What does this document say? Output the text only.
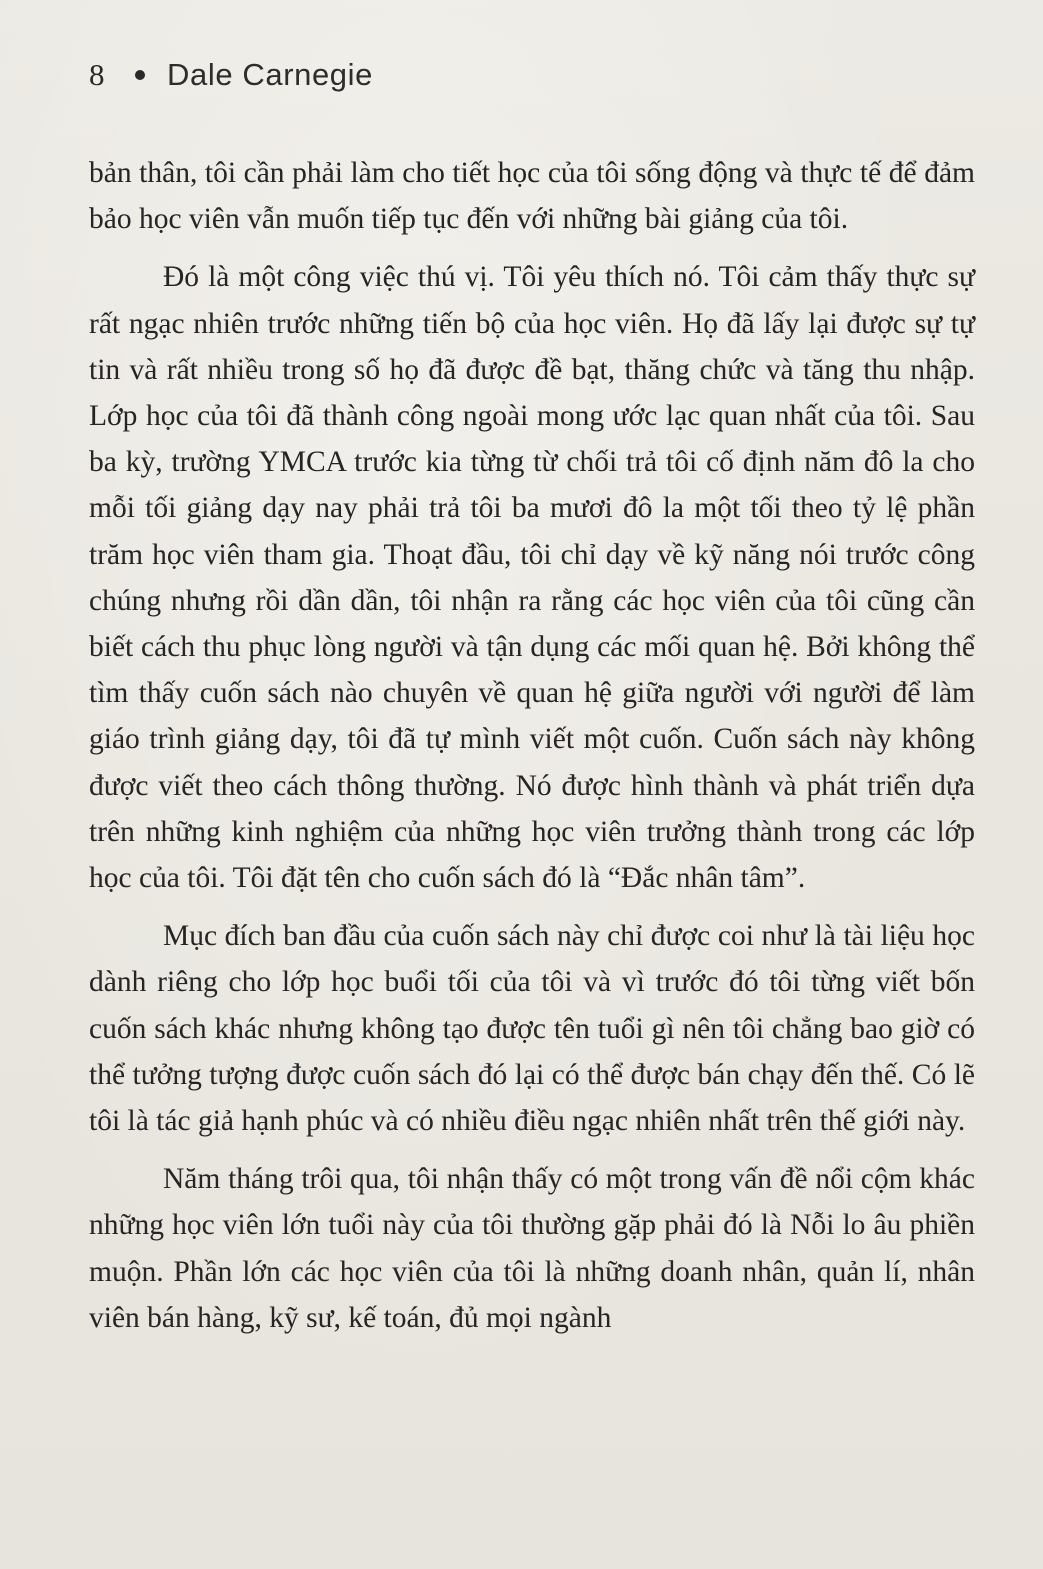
8	Dale Carnegie

bản thân, tôi cần phải làm cho tiết học của tôi sống động và thực tế để đảm bảo học viên vẫn muốn tiếp tục đến với những bài giảng của tôi.

Đó là một công việc thú vị. Tôi yêu thích nó. Tôi cảm thấy thực sự rất ngạc nhiên trước những tiến bộ của học viên. Họ đã lấy lại được sự tự tin và rất nhiều trong số họ đã được đề bạt, thăng chức và tăng thu nhập. Lớp học của tôi đã thành công ngoài mong ước lạc quan nhất của tôi. Sau ba kỳ, trường YMCA trước kia từng từ chối trả tôi cố định năm đô la cho mỗi tối giảng dạy nay phải trả tôi ba mươi đô la một tối theo tỷ lệ phần trăm học viên tham gia. Thoạt đầu, tôi chỉ dạy về kỹ năng nói trước công chúng nhưng rồi dần dần, tôi nhận ra rằng các học viên của tôi cũng cần biết cách thu phục lòng người và tận dụng các mối quan hệ. Bởi không thể tìm thấy cuốn sách nào chuyên về quan hệ giữa người với người để làm giáo trình giảng dạy, tôi đã tự mình viết một cuốn. Cuốn sách này không được viết theo cách thông thường. Nó được hình thành và phát triển dựa trên những kinh nghiệm của những học viên trưởng thành trong các lớp học của tôi. Tôi đặt tên cho cuốn sách đó là “Đắc nhân tâm”.

Mục đích ban đầu của cuốn sách này chỉ được coi như là tài liệu học dành riêng cho lớp học buổi tối của tôi và vì trước đó tôi từng viết bốn cuốn sách khác nhưng không tạo được tên tuổi gì nên tôi chẳng bao giờ có thể tưởng tượng được cuốn sách đó lại có thể được bán chạy đến thế. Có lẽ tôi là tác giả hạnh phúc và có nhiều điều ngạc nhiên nhất trên thế giới này.

Năm tháng trôi qua, tôi nhận thấy có một trong vấn đề nổi cộm khác những học viên lớn tuổi này của tôi thường gặp phải đó là Nỗi lo âu phiền muộn. Phần lớn các học viên của tôi là những doanh nhân, quản lí, nhân viên bán hàng, kỹ sư, kế toán, đủ mọi ngành
